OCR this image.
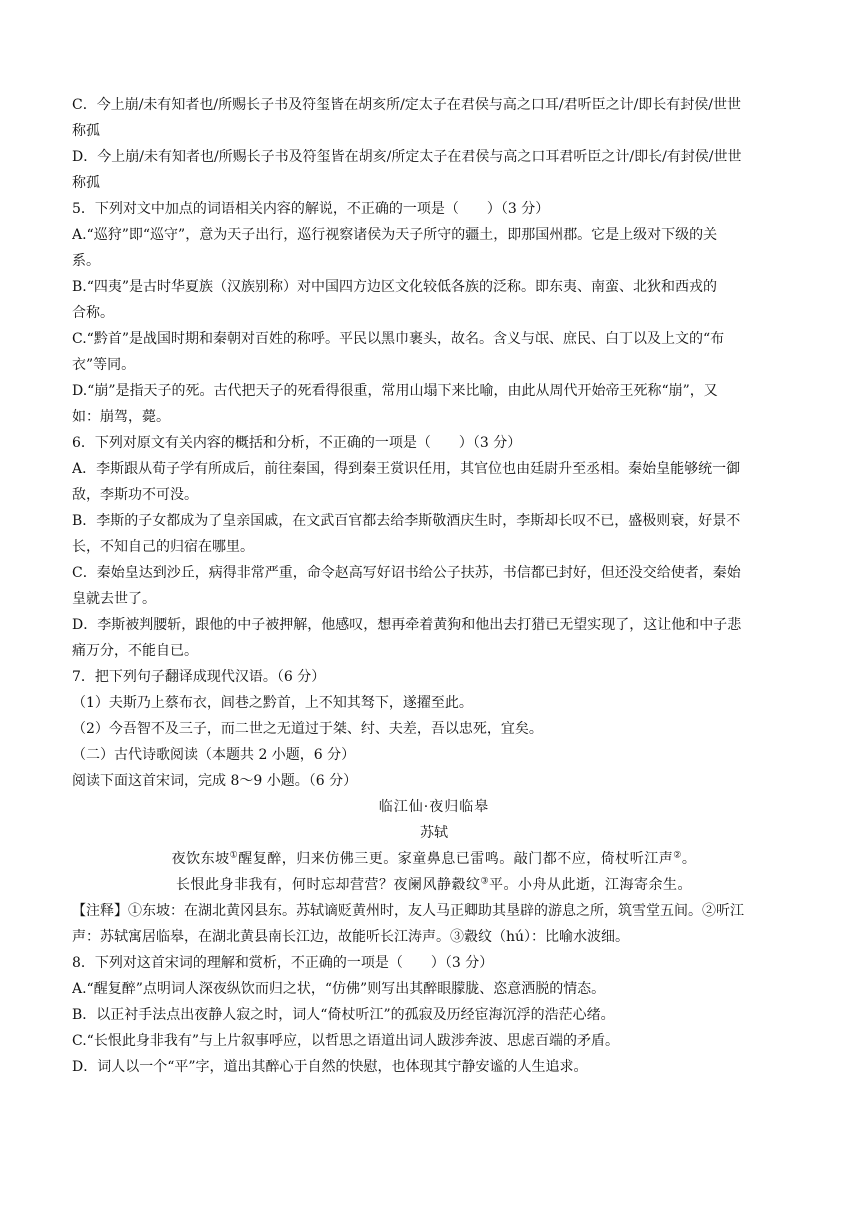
C．今上崩/未有知者也/所赐长子书及符玺皆在胡亥所/定太子在君侯与高之口耳/君听臣之计/即长有封侯/世世
称孤
D．今上崩/未有知者也/所赐长子书及符玺皆在胡亥/所定太子在君侯与高之口耳君听臣之计/即长/有封侯/世世
称孤
5．下列对文中加点的词语相关内容的解说，不正确的一项是（　　）（3 分）
A.“巡狩”即“巡守”，意为天子出行，巡行视察诸侯为天子所守的疆土，即那国州郡。它是上级对下级的关
系。
B.“四夷”是古时华夏族（汉族别称）对中国四方边区文化较低各族的泛称。即东夷、南蛮、北狄和西戎的
合称。
C.“黔首”是战国时期和秦朝对百姓的称呼。平民以黑巾裹头，故名。含义与氓、庶民、白丁以及上文的“布
衣”等同。
D.“崩”是指天子的死。古代把天子的死看得很重，常用山塌下来比喻，由此从周代开始帝王死称“崩”，又
如：崩驾，薨。
6．下列对原文有关内容的概括和分析，不正确的一项是（　　）（3 分）
A．李斯跟从荀子学有所成后，前往秦国，得到秦王赏识任用，其官位也由廷尉升至丞相。秦始皇能够统一御
敌，李斯功不可没。
B．李斯的子女都成为了皇亲国戚，在文武百官都去给李斯敬酒庆生时，李斯却长叹不已，盛极则衰，好景不
长，不知自己的归宿在哪里。
C．秦始皇达到沙丘，病得非常严重，命令赵高写好诏书给公子扶苏，书信都已封好，但还没交给使者，秦始
皇就去世了。
D．李斯被判腰斩，跟他的中子被押解，他感叹，想再牵着黄狗和他出去打猎已无望实现了，这让他和中子悲
痛万分，不能自已。
7．把下列句子翻译成现代汉语。（6 分）
（1）夫斯乃上蔡布衣，闾巷之黔首，上不知其驽下，遂擢至此。
（2）今吾智不及三子，而二世之无道过于桀、纣、夫差，吾以忠死，宜矣。
（二）古代诗歌阅读（本题共 2 小题，6 分）
阅读下面这首宋词，完成 8～9 小题。（6 分）
临江仙·夜归临皋
苏轼
夜饮东坡①醒复醉，归来仿佛三更。家童鼻息已雷鸣。敲门都不应，倚杖听江声②。
长恨此身非我有，何时忘却营营？夜阑风静縠纹③平。小舟从此逝，江海寄余生。
【注释】①东坡：在湖北黄冈县东。苏轼谪贬黄州时，友人马正卿助其垦辟的游息之所，筑雪堂五间。②听江
声：苏轼寓居临皋，在湖北黄县南长江边，故能听长江涛声。③縠纹（hú）：比喻水波细。
8．下列对这首宋词的理解和赏析，不正确的一项是（　　）（3 分）
A.“醒复醉”点明词人深夜纵饮而归之状，“仿佛”则写出其醉眼朦胧、恣意洒脱的情态。
B．以正衬手法点出夜静人寂之时，词人“倚杖听江”的孤寂及历经宦海沉浮的浩茫心绪。
C.“长恨此身非我有”与上片叙事呼应，以哲思之语道出词人跋涉奔波、思虑百端的矛盾。
D．词人以一个“平”字，道出其醉心于自然的快慰，也体现其宁静安谧的人生追求。
